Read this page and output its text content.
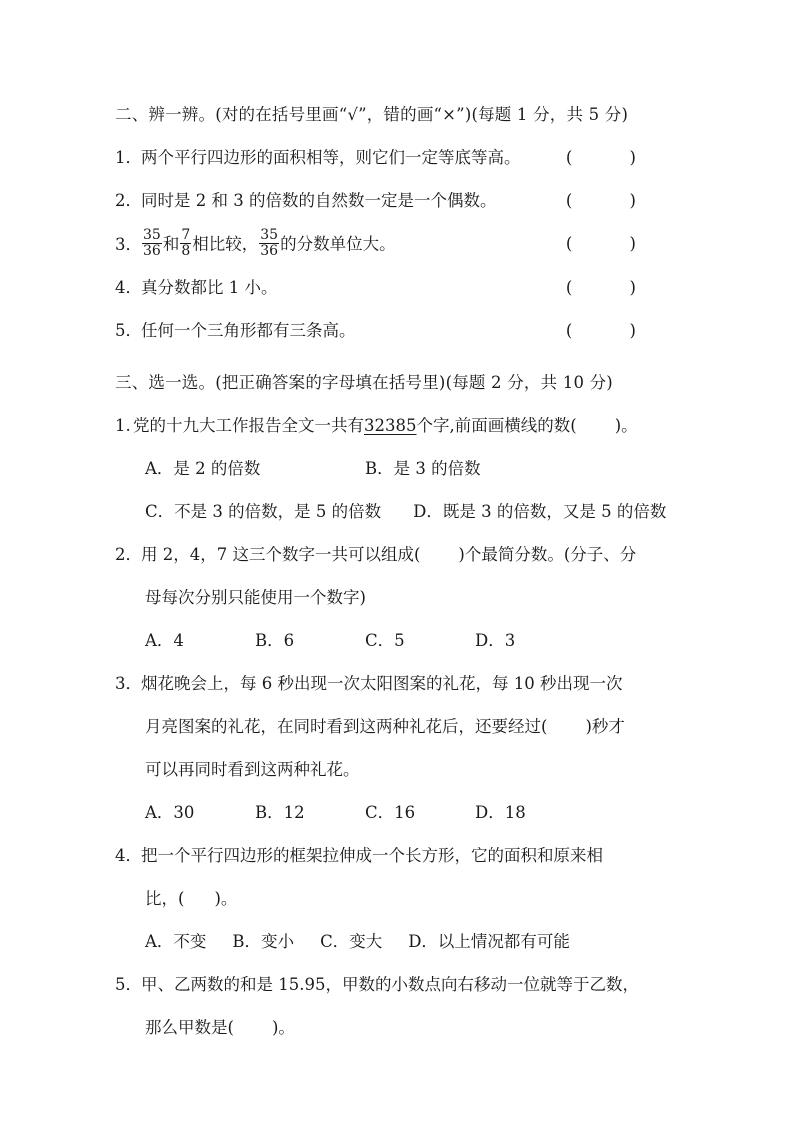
二、辨一辨。(对的在括号里画“√”，错的画“×”)(每题 1 分，共 5 分)
1．两个平行四边形的面积相等，则它们一定等底等高。	( )
2．同时是 2 和 3 的倍数的自然数一定是一个偶数。	( )
3． $\frac{35}{36}$ 和 $\frac{7}{8}$ 相比较， $\frac{35}{36}$ 的分数单位大。	( )
4．真分数都比 1 小。	( )
5．任何一个三角形都有三条高。	( )
三、选一选。(把正确答案的字母填在括号里)(每题 2 分，共 10 分)
1. 党的十九大工作报告全文一共有32385个字,前面画横线的数( )。
A．是 2 的倍数	B．是 3 的倍数
C．不是 3 的倍数，是 5 的倍数 D．既是 3 的倍数，又是 5 的倍数
2．用 2，4，7 这三个数字一共可以组成( )个最简分数。(分子、分
母每次分别只能使用一个数字)
A．4	B．6	C．5	D．3
3．烟花晚会上，每 6 秒出现一次太阳图案的礼花，每 10 秒出现一次
月亮图案的礼花，在同时看到这两种礼花后，还要经过( )秒才
可以再同时看到这两种礼花。
A．30	B．12	C．16	D．18
4．把一个平行四边形的框架拉伸成一个长方形，它的面积和原来相
比，( )。
A．不变 B．变小 C．变大 D．以上情况都有可能
5．甲、乙两数的和是 15.95，甲数的小数点向右移动一位就等于乙数，
那么甲数是( )。
